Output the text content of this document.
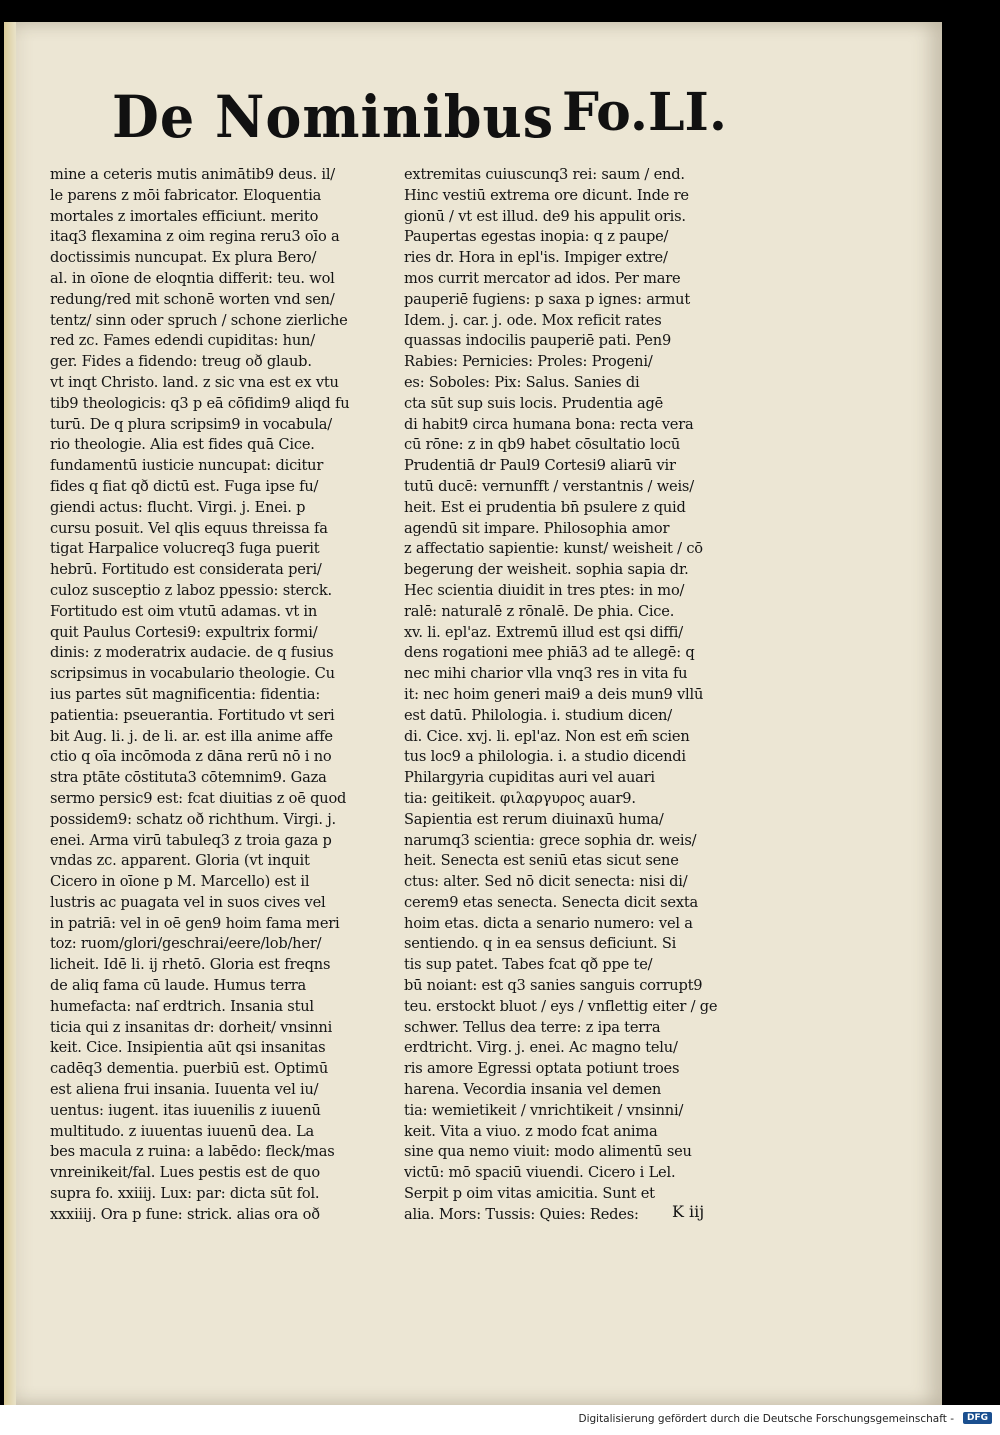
De Nominibus Fo.LI.
mine a ceteris mutis animātib9 deus. il/
le parens z mōi fabricator. Eloquentia
mortales z imortales efficiunt. merito
itaq3 flexamina z oim regina reru3 oīo a
doctissimis nuncupat. Ex plura Bero/
al. in oīone de eloqntia differit: teu. wol
redung/red mit schonē worten vnd sen/
tentz/ sinn oder spruch / schone zierliche
red zc. Fames edendi cupiditas: hun/
ger. Fides a fidendo: treug oð glaub.
vt inqt Christo. land. z sic vna est ex vtu
tib9 theologicis: q3 p eā cōfidim9 aliqd fu
turū. De q plura scripsim9 in vocabula/
rio theologie. Alia est fides quā Cice.
fundamentū iusticie nuncupat: dicitur
fides q fiat qð dictū est. Fuga ipse fu/
giendi actus: flucht. Virgi. j. Enei. p
cursu posuit. Vel qlis equus threissa fa
tigat Harpalice volucreq3 fuga puerit
hebrū. Fortitudo est considerata peri/
culoz susceptio z laboz ppessio: sterck.
Fortitudo est oim vtutū adamas. vt in
quit Paulus Cortesi9: expultrix formi/
dinis: z moderatrix audacie. de q fusius
scripsimus in vocabulario theologie. Cu
ius partes sūt magnificentia: fidentia:
patientia: pseuerantia. Fortitudo vt seri
bit Aug. li. j. de li. ar. est illa anime affe
ctio q oīa incōmoda z dāna rerū nō i no
stra ptāte cōstituta3 cōtemnim9. Gaza
sermo persic9 est: fcat diuitias z oē quod
possidem9: schatz oð richthum. Virgi. j.
enei. Arma virū tabuleq3 z troia gaza p
vndas zc. apparent. Gloria (vt inquit
Cicero in oīone p M. Marcello) est il
lustris ac puagata vel in suos cives vel
in patriā: vel in oē gen9 hoim fama meri
toz: ruom/glori/geschrai/eere/lob/her/
licheit. Idē li. ij rhetō. Gloria est freqns
de aliq fama cū laude. Humus terra
humefacta: naſ erdtrich. Insania stul
ticia qui z insanitas dr: dorheit/ vnsinni
keit. Cice. Insipientia aūt qsi insanitas
cadēq3 dementia. puerbiū est. Optimū
est aliena frui insania. Iuuenta vel iu/
uentus: iugent. itas iuuenilis z iuuenū
multitudo. z iuuentas iuuenū dea. La
bes macula z ruina: a labēdo: fleck/mas
vnreinikeit/fal. Lues pestis est de quo
supra fo. xxiiij. Lux: par: dicta sūt fol.
xxxiiij. Ora p fune: strick. alias ora oð
extremitas cuiuscunq3 rei: saum / end.
Hinc vestiū extrema ore dicunt. Inde re
gionū / vt est illud. de9 his appulit oris.
Paupertas egestas inopia: q z paupe/
ries dr. Hora in epl'is. Impiger extre/
mos currit mercator ad idos. Per mare
pauperiē fugiens: p saxa p ignes: armut
Idem. j. car. j. ode. Mox reficit rates
quassas indocilis pauperiē pati. Pen9
Rabies: Pernicies: Proles: Progeni/
es: Soboles: Pix: Salus. Sanies di
cta sūt sup suis locis. Prudentia agē
di habit9 circa humana bona: recta vera
cū rōne: z in qb9 habet cōsultatio locū
Prudentiā dr Paul9 Cortesi9 aliarū vir
tutū ducē: vernunfft / verstantnis / weis/
heit. Est ei prudentia bn̄ psulere z quid
agendū sit impare. Philosophia amor
z affectatio sapientie: kunst/ weisheit / cō
begerung der weisheit. sophia sapia dr.
Hec scientia diuidit in tres ptes: in mo/
ralē: naturalē z rōnalē. De phia. Cice.
xv. li. epl'az. Extremū illud est qsi diffi/
dens rogationi mee phiā3 ad te allegē: q
nec mihi charior vlla vnq3 res in vita fu
it: nec hoim generi mai9 a deis mun9 vllū
est datū. Philologia. i. studium dicen/
di. Cice. xvj. li. epl'az. Non est em̄ scien
tus loc9 a philologia. i. a studio dicendi
Philargyria cupiditas auri vel auari
tia: geitikeit. φιλαργυρος auar9.
Sapientia est rerum diuinaxū huma/
narumq3 scientia: grece sophia dr. weis/
heit. Senecta est seniū etas sicut sene
ctus: alter. Sed nō dicit senecta: nisi di/
cerem9 etas senecta. Senecta dicit sexta
hoim etas. dicta a senario numero: vel a
sentiendo. q in ea sensus deficiunt. Si
tis sup patet. Tabes fcat qð ppe te/
bū noiant: est q3 sanies sanguis corrupt9
teu. erstockt bluot / eys / vnflettig eiter / ge
schwer. Tellus dea terre: z ipa terra
erdtricht. Virg. j. enei. Ac magno telu/
ris amore Egressi optata potiunt troes
harena. Vecordia insania vel demen
tia: wemietikeit / vnrichtikeit / vnsinni/
keit. Vita a viuo. z modo fcat anima
sine qua nemo viuit: modo alimentū seu
victū: mō spaciū viuendi. Cicero i Lel.
Serpit p oim vitas amicitia. Sunt et
alia. Mors: Tussis: Quies: Redes:	K iij
Digitalisierung gefördert durch die Deutsche Forschungsgemeinschaft -	DFG
